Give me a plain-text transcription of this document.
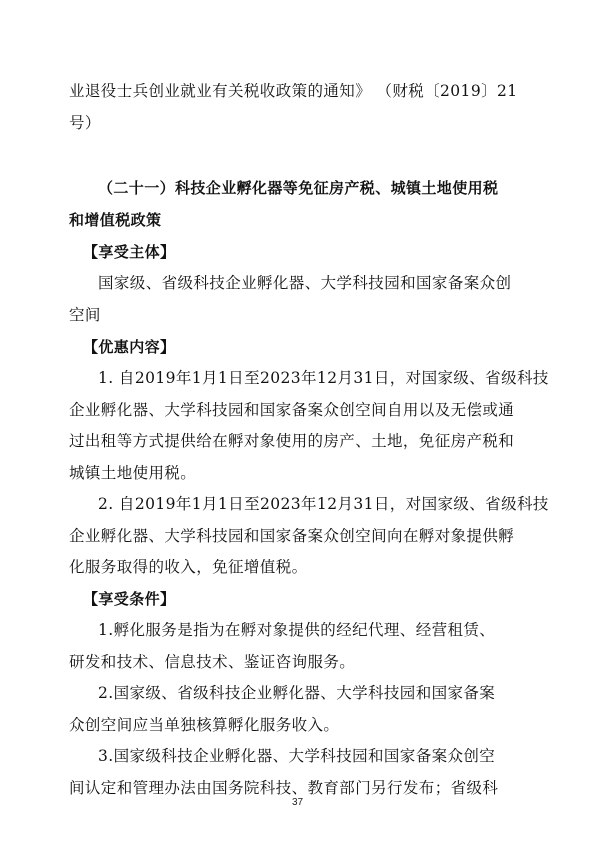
业退役士兵创业就业有关税收政策的通知》 （财税〔2019〕21
号）
（二十一）科技企业孵化器等免征房产税、城镇土地使用税
和增值税政策
【享受主体】
国家级、省级科技企业孵化器、大学科技园和国家备案众创
空间
【优惠内容】
1. 自2019年1月1日至2023年12月31日，对国家级、省级科技
企业孵化器、大学科技园和国家备案众创空间自用以及无偿或通
过出租等方式提供给在孵对象使用的房产、土地，免征房产税和
城镇土地使用税。
2. 自2019年1月1日至2023年12月31日，对国家级、省级科技
企业孵化器、大学科技园和国家备案众创空间向在孵对象提供孵
化服务取得的收入，免征增值税。
【享受条件】
1.孵化服务是指为在孵对象提供的经纪代理、经营租赁、
研发和技术、信息技术、鉴证咨询服务。
2.国家级、省级科技企业孵化器、大学科技园和国家备案
众创空间应当单独核算孵化服务收入。
3.国家级科技企业孵化器、大学科技园和国家备案众创空
间认定和管理办法由国务院科技、教育部门另行发布；省级科
37
